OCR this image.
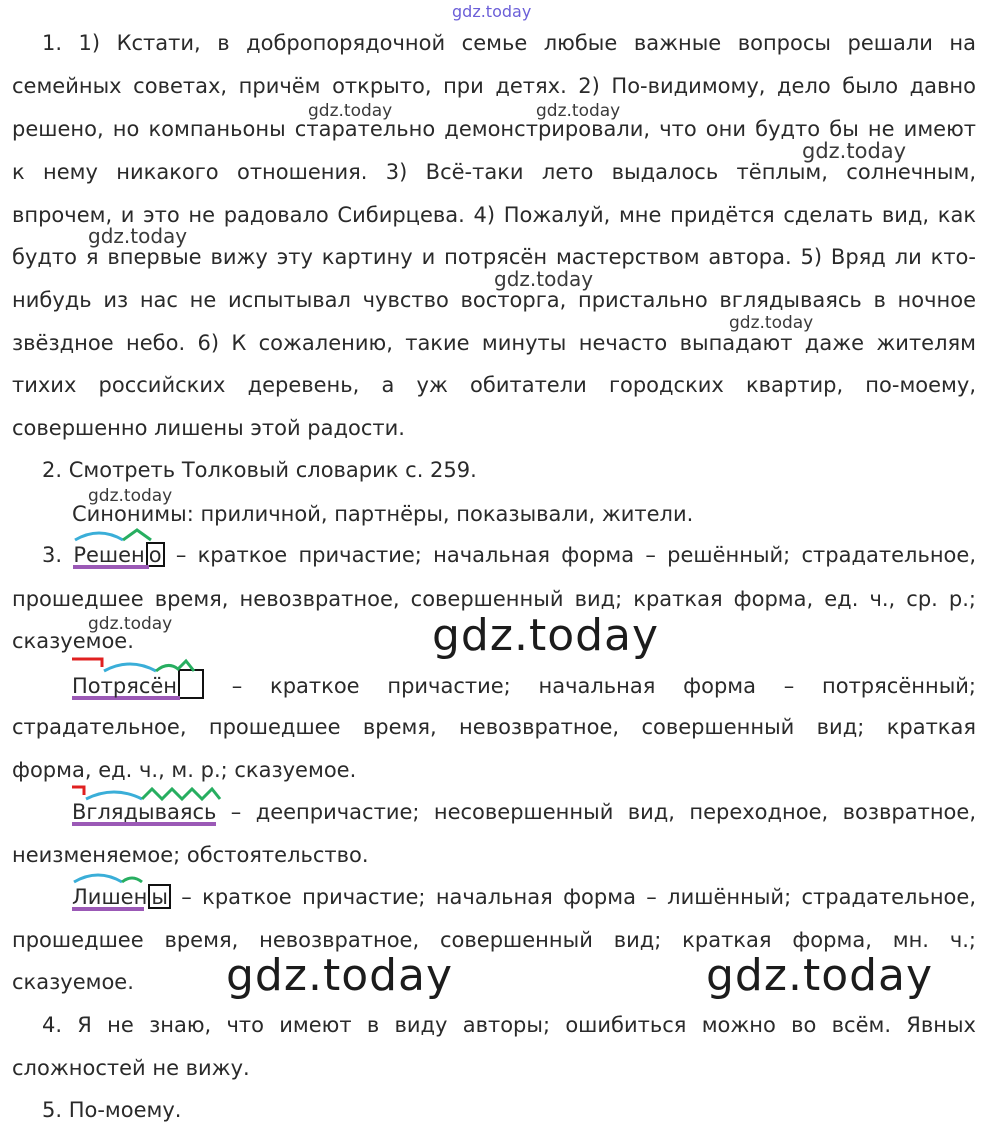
gdz.today
gdz.today	gdz.today
gdz.today
gdz.today
gdz.today
gdz.today
gdz.today
gdz.today	gdz.today
gdz.today	gdz.today
1. 1) Кстати, в добропорядочной семье любые важные вопросы решали на
семейных советах, причём открыто, при детях. 2) По-видимому, дело было давно
решено, но компаньоны старательно демонстрировали, что они будто бы не имеют
к нему никакого отношения. 3) Всё-таки лето выдалось тёплым, солнечным,
впрочем, и это не радовало Сибирцева. 4) Пожалуй, мне придётся сделать вид, как
будто я впервые вижу эту картину и потрясён мастерством автора. 5) Вряд ли кто-
нибудь из нас не испытывал чувство восторга, пристально вглядываясь в ночное
звёздное небо. 6) К сожалению, такие минуты нечасто выпадают даже жителям
тихих российских деревень, а уж обитатели городских квартир, по-моему,
совершенно лишены этой радости.
2. Смотреть Толковый словарик с. 259.
Синонимы: приличной, партнёры, показывали, жители.
3. Решен о
– краткое причастие; начальная форма – решённый; страдательное,
прошедшее время, невозвратное, совершенный вид; краткая форма, ед. ч., ср. р.;
сказуемое.
Потрясён
– краткое причастие; начальная форма – потрясённый;
страдательное, прошедшее время, невозвратное, совершенный вид; краткая
форма, ед. ч., м. р.; сказуемое.
Вглядываясь
– деепричастие; несовершенный вид, переходное, возвратное,
неизменяемое; обстоятельство.
Лишен ы
– краткое причастие; начальная форма – лишённый; страдательное,
прошедшее время, невозвратное, совершенный вид; краткая форма, мн. ч.;
сказуемое.
4. Я не знаю, что имеют в виду авторы; ошибиться можно во всём. Явных
сложностей не вижу.
5. По-моему.
